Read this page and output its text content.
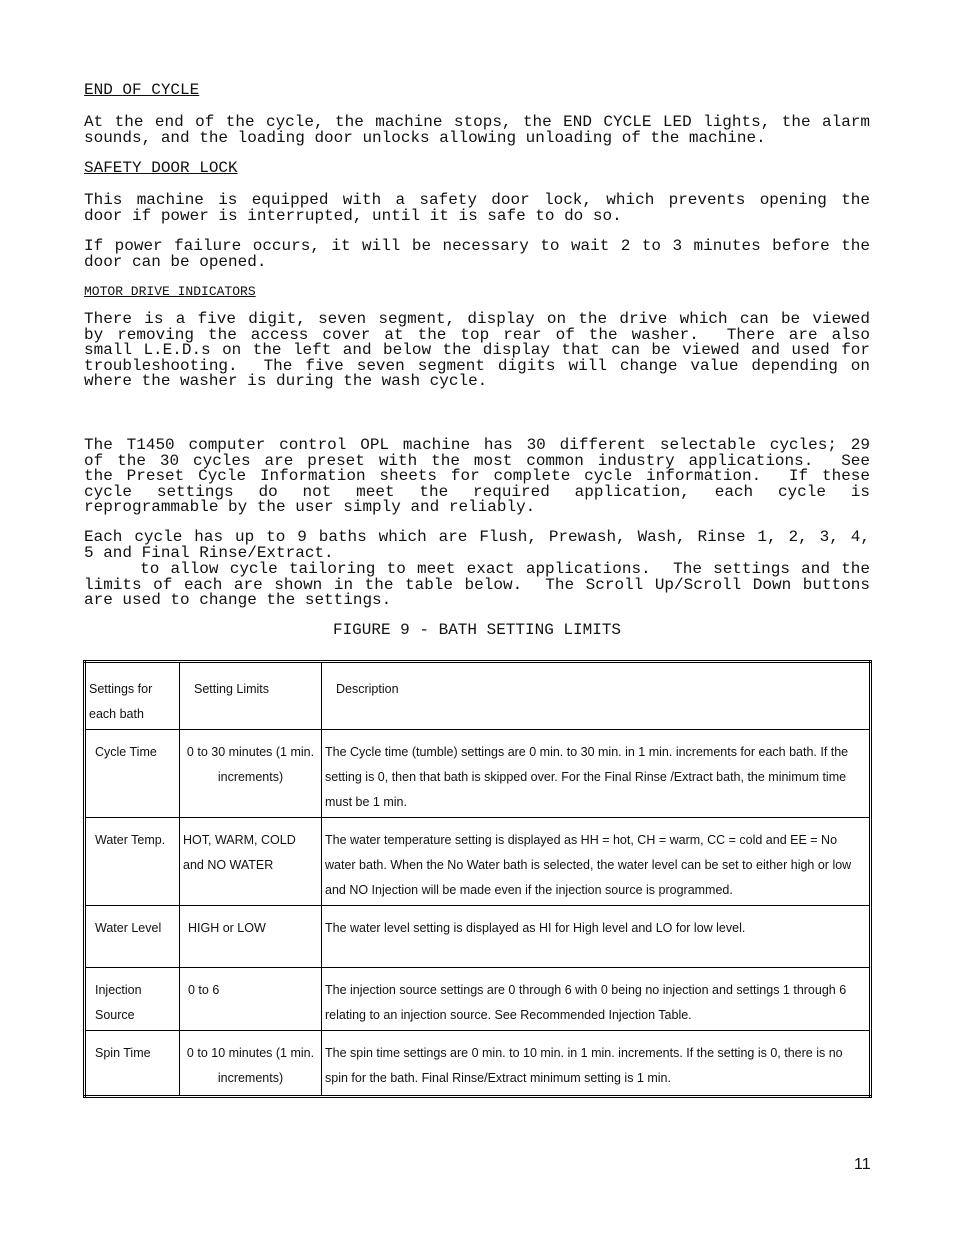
END OF CYCLE

At the end of the cycle, the machine stops, the END CYCLE LED lights, the alarm
sounds, and the loading door unlocks allowing unloading of the machine.

SAFETY DOOR LOCK

This machine is equipped with a safety door lock, which prevents opening the
door if power is interrupted, until it is safe to do so.

If power failure occurs, it will be necessary to wait 2 to 3 minutes before the
door can be opened.

MOTOR DRIVE INDICATORS

There is a five digit, seven segment, display on the drive which can be viewed
by removing the access cover at the top rear of the washer.  There are also
small L.E.D.s on the left and below the display that can be viewed and used for
troubleshooting.  The five seven segment digits will change value depending on
where the washer is during the wash cycle.

The T1450 computer control OPL machine has 30 different selectable cycles; 29
of the 30 cycles are preset with the most common industry applications.  See
the Preset Cycle Information sheets for complete cycle information.  If these
cycle settings do not meet the required application, each cycle is
reprogrammable by the user simply and reliably.

Each cycle has up to 9 baths which are Flush, Prewash, Wash, Rinse 1, 2, 3, 4,
5 and Final Rinse/Extract.
to allow cycle tailoring to meet exact applications.  The settings and the
limits of each are shown in the table below.  The Scroll Up/Scroll Down buttons
are used to change the settings.

FIGURE 9 - BATH SETTING LIMITS
Settings for each bath	Setting Limits	Description
Cycle Time	0 to 30 minutes (1 min. increments)	The Cycle time (tumble) settings are 0 min. to 30 min. in 1 min. increments for each bath. If the setting is 0, then that bath is skipped over. For the Final Rinse /Extract bath, the minimum time must be 1 min.
Water Temp.	HOT, WARM, COLD and NO WATER	The water temperature setting is displayed as HH = hot, CH = warm, CC = cold and EE = No water bath. When the No Water bath is selected, the water level can be set to either high or low and NO Injection will be made even if the injection source is programmed.
Water Level	HIGH or LOW	The water level setting is displayed as HI for High level and LO for low level.
Injection Source	0 to 6	The injection source settings are 0 through 6 with 0 being no injection and settings 1 through 6 relating to an injection source. See Recommended Injection Table.
Spin Time	0 to 10 minutes (1 min. increments)	The spin time settings are 0 min. to 10 min. in 1 min. increments. If the setting is 0, there is no spin for the bath. Final Rinse/Extract minimum setting is 1 min.
11
